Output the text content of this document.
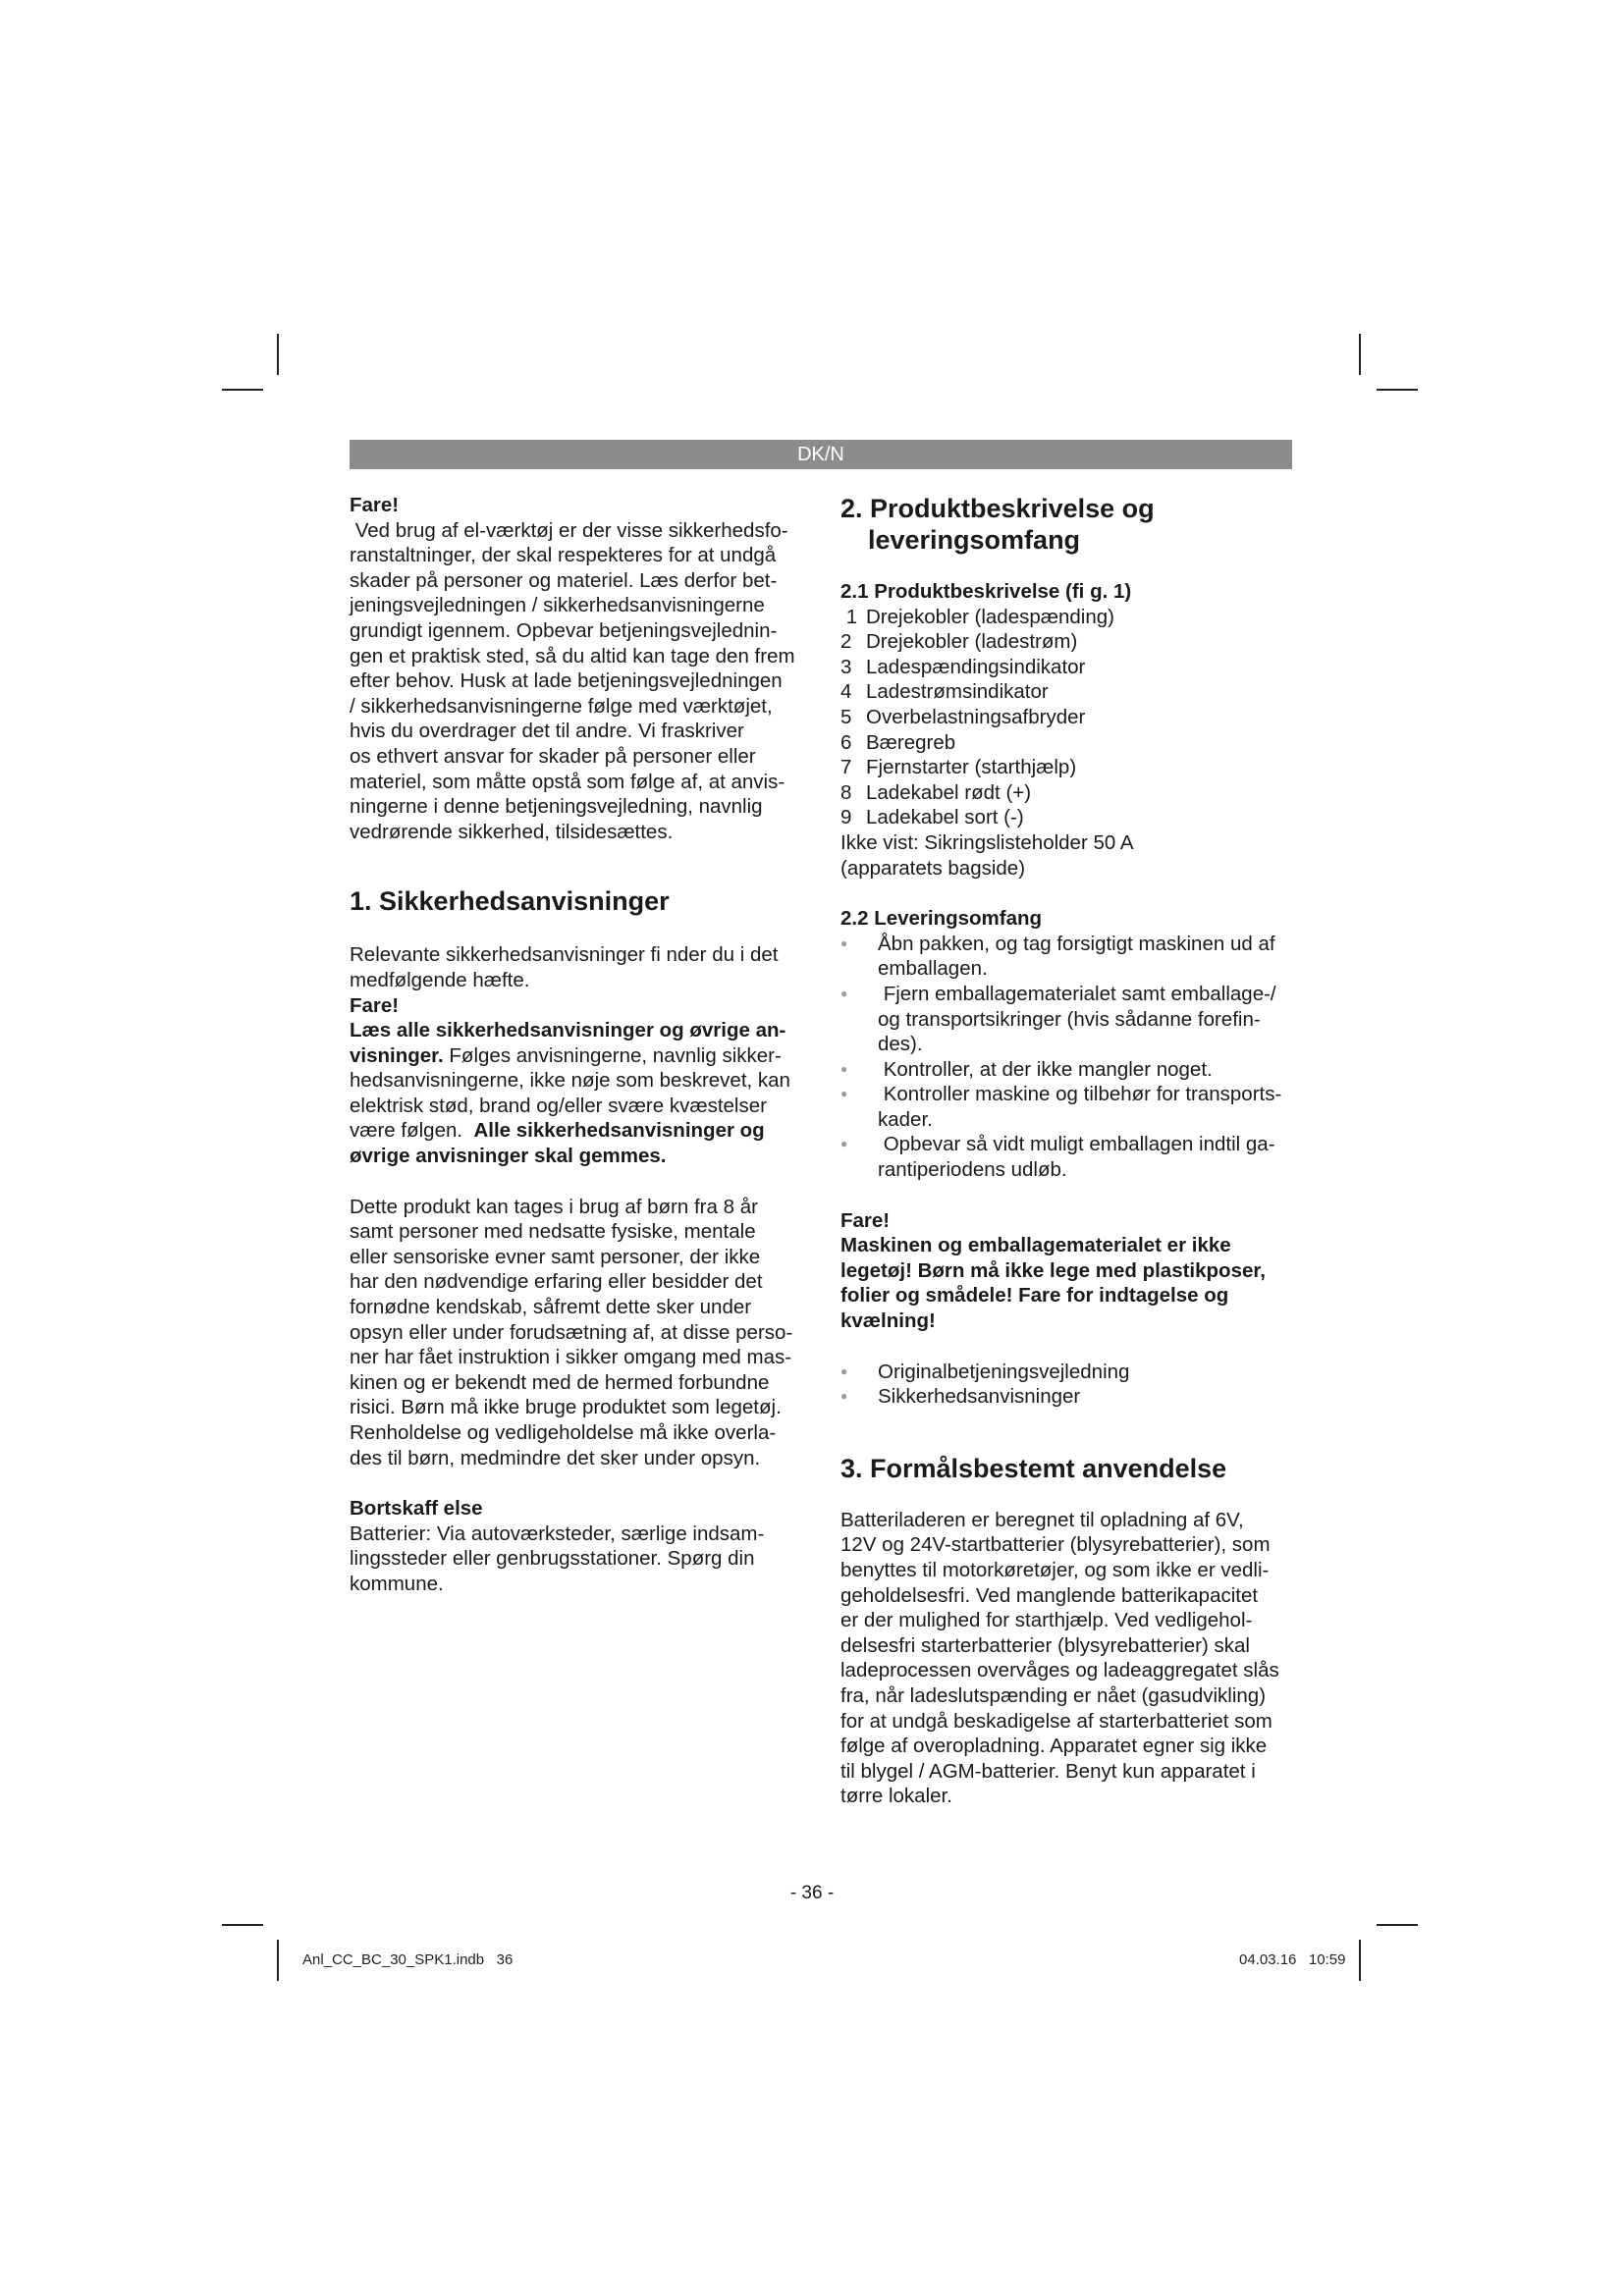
DK/N

Fare!

Ved brug af el-værktøj er der visse sikkerhedsfo-
ranstaltninger, der skal respekteres for at undgå
skader på personer og materiel. Læs derfor bet-
jeningsvejledningen / sikkerhedsanvisningerne
grundigt igennem. Opbevar betjeningsvejlednin-
gen et praktisk sted, så du altid kan tage den frem
efter behov. Husk at lade betjeningsvejledningen
/ sikkerhedsanvisningerne følge med værktøjet,
hvis du overdrager det til andre. Vi fraskriver
os ethvert ansvar for skader på personer eller
materiel, som måtte opstå som følge af, at anvis-
ningerne i denne betjeningsvejledning, navnlig
vedrørende sikkerhed, tilsidesættes.
1. Sikkerhedsanvisninger
Relevante sikkerhedsanvisninger fi nder du i det
medfølgende hæfte.
Fare!
Læs alle sikkerhedsanvisninger og øvrige an-
visninger. Følges anvisningerne, navnlig sikker-
hedsanvisningerne, ikke nøje som beskrevet, kan
elektrisk stød, brand og/eller svære kvæstelser
være følgen.  Alle sikkerhedsanvisninger og
øvrige anvisninger skal gemmes.
Dette produkt kan tages i brug af børn fra 8 år
samt personer med nedsatte fysiske, mentale
eller sensoriske evner samt personer, der ikke
har den nødvendige erfaring eller besidder det
fornødne kendskab, såfremt dette sker under
opsyn eller under forudsætning af, at disse perso-
ner har fået instruktion i sikker omgang med mas-
kinen og er bekendt med de hermed forbundne
risici. Børn må ikke bruge produktet som legetøj.
Renholdelse og vedligeholdelse må ikke overla-
des til børn, medmindre det sker under opsyn.
Bortskaff else
Batterier: Via autoværksteder, særlige indsam-
lingssteder eller genbrugsstationer. Spørg din
kommune.
2. Produktbeskrivelse og
leveringsomfang
2.1 Produktbeskrivelse (fi g. 1)
1 Drejekobler (ladespænding)
2 Drejekobler (ladestrøm)
3 Ladespændingsindikator
4 Ladestrømsindikator
5 Overbelastningsafbryder
6 Bæregreb
7 Fjernstarter (starthjælp)
8 Ladekabel rødt (+)
9 Ladekabel sort (-)
Ikke vist: Sikringslisteholder 50 A
(apparatets bagside)
2.2 Leveringsomfang
● Åbn pakken, og tag forsigtigt maskinen ud af
emballagen.
●  Fjern emballagematerialet samt emballage-/
og transportsikringer (hvis sådanne forefin-
des).
●  Kontroller, at der ikke mangler noget.
●  Kontroller maskine og tilbehør for transports-
kader.
●  Opbevar så vidt muligt emballagen indtil ga-
rantiperiodens udløb.
Fare!
Maskinen og emballagematerialet er ikke
legetøj! Børn må ikke lege med plastikposer,
folier og smådele! Fare for indtagelse og
kvælning!
● Originalbetjeningsvejledning
● Sikkerhedsanvisninger
3. Formålsbestemt anvendelse
Batteriladeren er beregnet til opladning af 6V,
12V og 24V-startbatterier (blysyrebatterier), som
benyttes til motorkøretøjer, og som ikke er vedli-
geholdelsesfri. Ved manglende batterikapacitet
er der mulighed for starthjælp. Ved vedligehol-
delsesfri starterbatterier (blysyrebatterier) skal
ladeprocessen overvåges og ladeaggregatet slås
fra, når ladeslutspænding er nået (gasudvikling)
for at undgå beskadigelse af starterbatteriet som
følge af overopladning. Apparatet egner sig ikke
til blygel / AGM-batterier. Benyt kun apparatet i
tørre lokaler.
- 36 -
Anl_CC_BC_30_SPK1.indb   36	04.03.16   10:59
